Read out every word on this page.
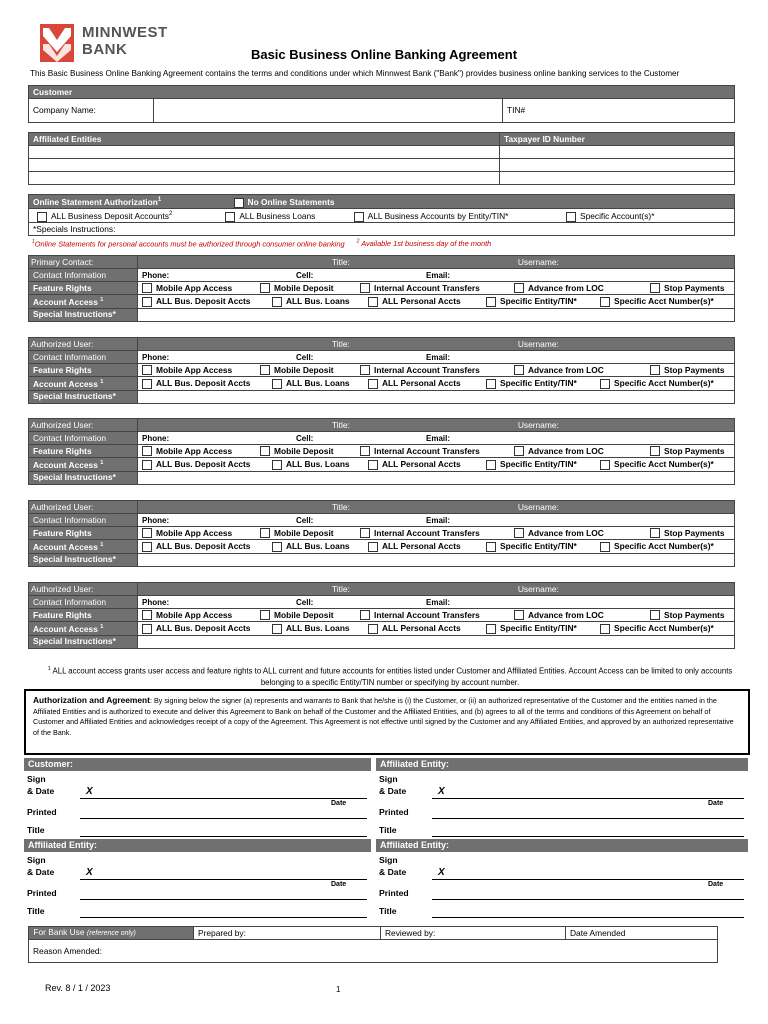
MINNWEST
BANK	Basic Business Online Banking Agreement
This Basic Business Online Banking Agreement contains the terms and conditions under which Minnwest Bank ("Bank") provides business online banking services to the Customer
Customer
Company Name:		TIN#
Affiliated Entities	Taxpayer ID Number

Online Statement Authorization$^1$	No Online Statements
ALL Business Deposit Accounts$^2$	ALL Business Loans	ALL Business Accounts by Entity/TIN*	Specific Account(s)*
*Specials Instructions:
$^1$Online Statements for personal accounts must be authorized through consumer online banking $^2$ Available 1st business day of the month
Primary Contact:	Title: Username:
Contact Information	Phone: Cell: Email:
Feature Rights	Mobile App Access Mobile Deposit Internal Account Transfers Advance from LOC Stop Payments
Account Access $^1$	ALL Bus. Deposit Accts ALL Bus. Loans ALL Personal Accts Specific Entity/TIN* Specific Acct Number(s)*
Special Instructions*	
Authorized User:	Title: Username:
Contact Information	Phone: Cell: Email:
Feature Rights	Mobile App Access Mobile Deposit Internal Account Transfers Advance from LOC Stop Payments
Account Access $^1$	ALL Bus. Deposit Accts ALL Bus. Loans ALL Personal Accts Specific Entity/TIN* Specific Acct Number(s)*
Special Instructions*	
Authorized User:	Title: Username:
Contact Information	Phone: Cell: Email:
Feature Rights	Mobile App Access Mobile Deposit Internal Account Transfers Advance from LOC Stop Payments
Account Access $^1$	ALL Bus. Deposit Accts ALL Bus. Loans ALL Personal Accts Specific Entity/TIN* Specific Acct Number(s)*
Special Instructions*	
Authorized User:	Title: Username:
Contact Information	Phone: Cell: Email:
Feature Rights	Mobile App Access Mobile Deposit Internal Account Transfers Advance from LOC Stop Payments
Account Access $^1$	ALL Bus. Deposit Accts ALL Bus. Loans ALL Personal Accts Specific Entity/TIN* Specific Acct Number(s)*
Special Instructions*	
Authorized User:	Title: Username:
Contact Information	Phone: Cell: Email:
Feature Rights	Mobile App Access Mobile Deposit Internal Account Transfers Advance from LOC Stop Payments
Account Access $^1$	ALL Bus. Deposit Accts ALL Bus. Loans ALL Personal Accts Specific Entity/TIN* Specific Acct Number(s)*
Special Instructions*	
$^1$ ALL account access grants user access and feature rights to ALL current and future accounts for entities listed under Customer and Affiliated Entities. Account Access can be limited to only accounts belonging to a specific Entity/TIN number or specifying by account number.
Authorization and Agreement: By signing below the signer (a) represents and warrants to Bank that he/she is (i) the Customer, or (ii) an authorized representative of the Customer and the entities named in the Affiliated Entities and is authorized to execute and deliver this Agreement to Bank on behalf of the Customer and the Affiliated Entities, and (b) agrees to all of the terms and conditions of this Agreement on behalf of Customer and Affiliated Entities and acknowledges receipt of a copy of the Agreement. This Agreement is not effective until signed by the Customer and any Affiliated Entities, and approved by an authorized representative of the Bank.
Customer:
Sign
& Date	X
Date
Printed
Title
Affiliated Entity:
Sign
& Date	X
Date
Printed
Title
Affiliated Entity:
Sign
& Date	X
Date
Printed
Title
Affiliated Entity:
Sign
& Date	X
Date
Printed
Title
For Bank Use (reference only)	Prepared by:	Reviewed by:	Date Amended
Reason Amended:
Rev. 8 / 1 / 2023	1
